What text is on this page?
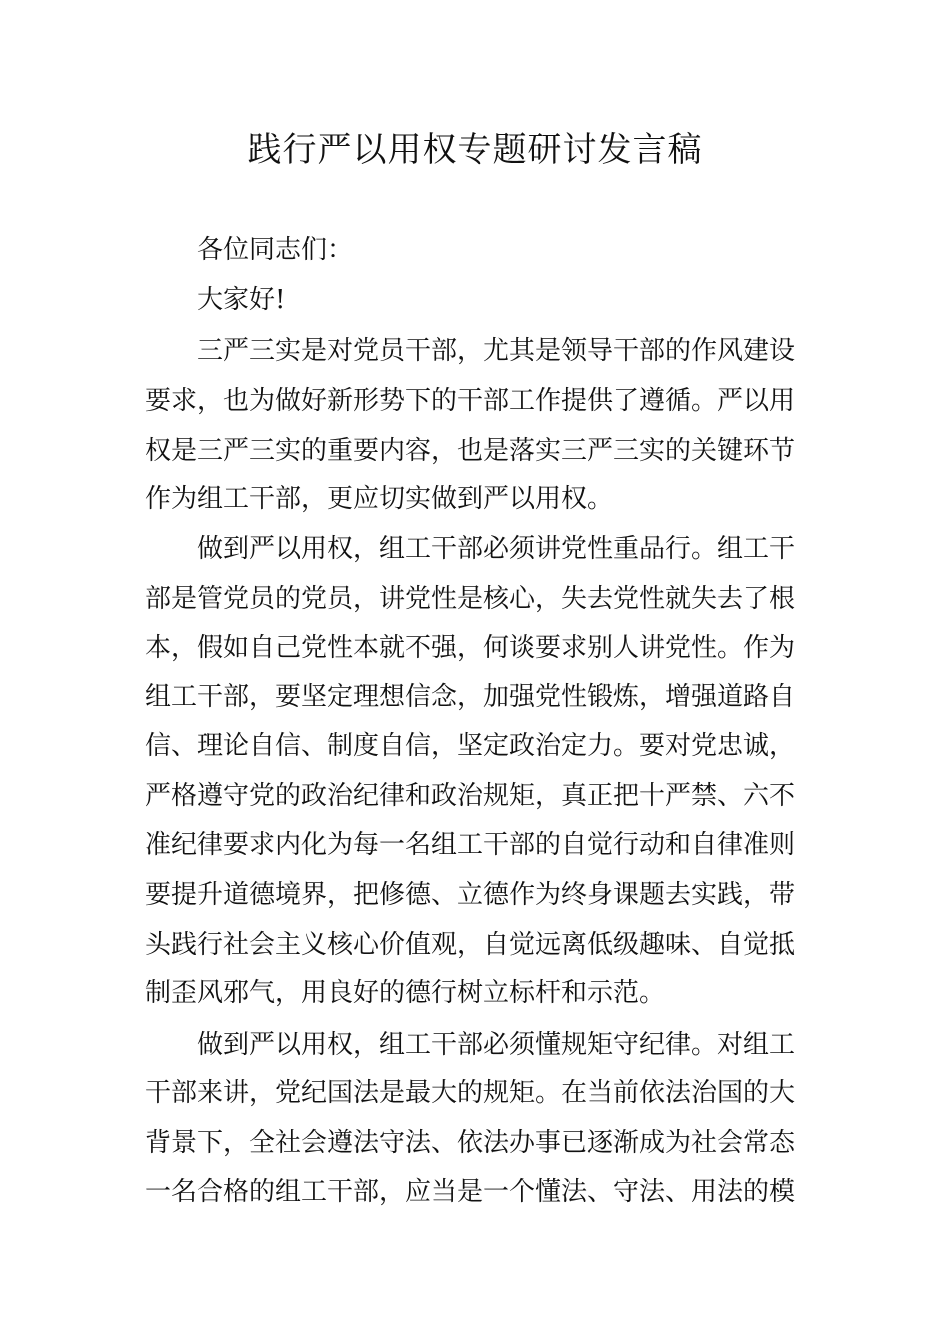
践行严以用权专题研讨发言稿
各位同志们：
大家好!
三严三实是对党员干部，尤其是领导干部的作风建设
要求，也为做好新形势下的干部工作提供了遵循。严以用
权是三严三实的重要内容，也是落实三严三实的关键环节
作为组工干部，更应切实做到严以用权。
做到严以用权，组工干部必须讲党性重品行。组工干
部是管党员的党员，讲党性是核心，失去党性就失去了根
本，假如自己党性本就不强，何谈要求别人讲党性。作为
组工干部，要坚定理想信念，加强党性锻炼，增强道路自
信、理论自信、制度自信，坚定政治定力。要对党忠诚，
严格遵守党的政治纪律和政治规矩，真正把十严禁、六不
准纪律要求内化为每一名组工干部的自觉行动和自律准则
要提升道德境界，把修德、立德作为终身课题去实践，带
头践行社会主义核心价值观，自觉远离低级趣味、自觉抵
制歪风邪气，用良好的德行树立标杆和示范。
做到严以用权，组工干部必须懂规矩守纪律。对组工
干部来讲，党纪国法是最大的规矩。在当前依法治国的大
背景下，全社会遵法守法、依法办事已逐渐成为社会常态
一名合格的组工干部，应当是一个懂法、守法、用法的模
